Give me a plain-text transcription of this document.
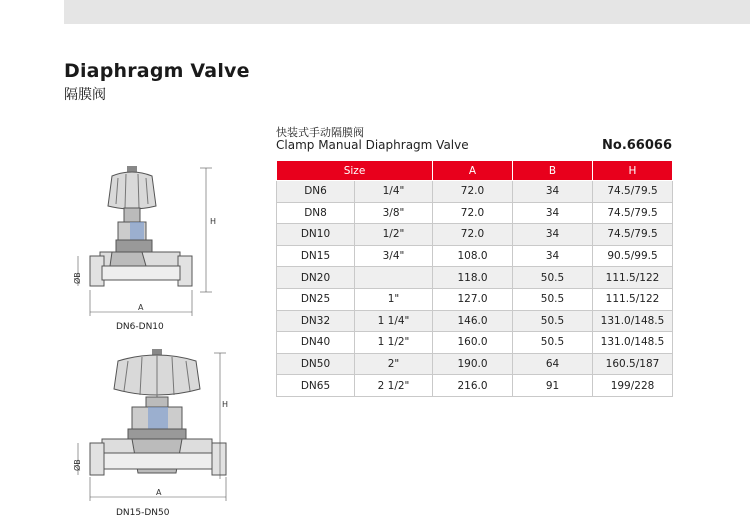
Diaphragm Valve
隔膜阀
快装式手动隔膜阀
Clamp Manual Diaphragm Valve	No.66066
Size		A	B	H
DN6	1/4"	72.0	34	74.5/79.5
DN8	3/8"	72.0	34	74.5/79.5
DN10	1/2"	72.0	34	74.5/79.5
DN15	3/4"	108.0	34	90.5/99.5
DN20		118.0	50.5	111.5/122
DN25	1"	127.0	50.5	111.5/122
DN32	1 1/4"	146.0	50.5	131.0/148.5
DN40	1 1/2"	160.0	50.5	131.0/148.5
DN50	2"	190.0	64	160.5/187
DN65	2 1/2"	216.0	91	199/228
H
ØB
A
DN6-DN10
H
ØB
A
DN15-DN50
